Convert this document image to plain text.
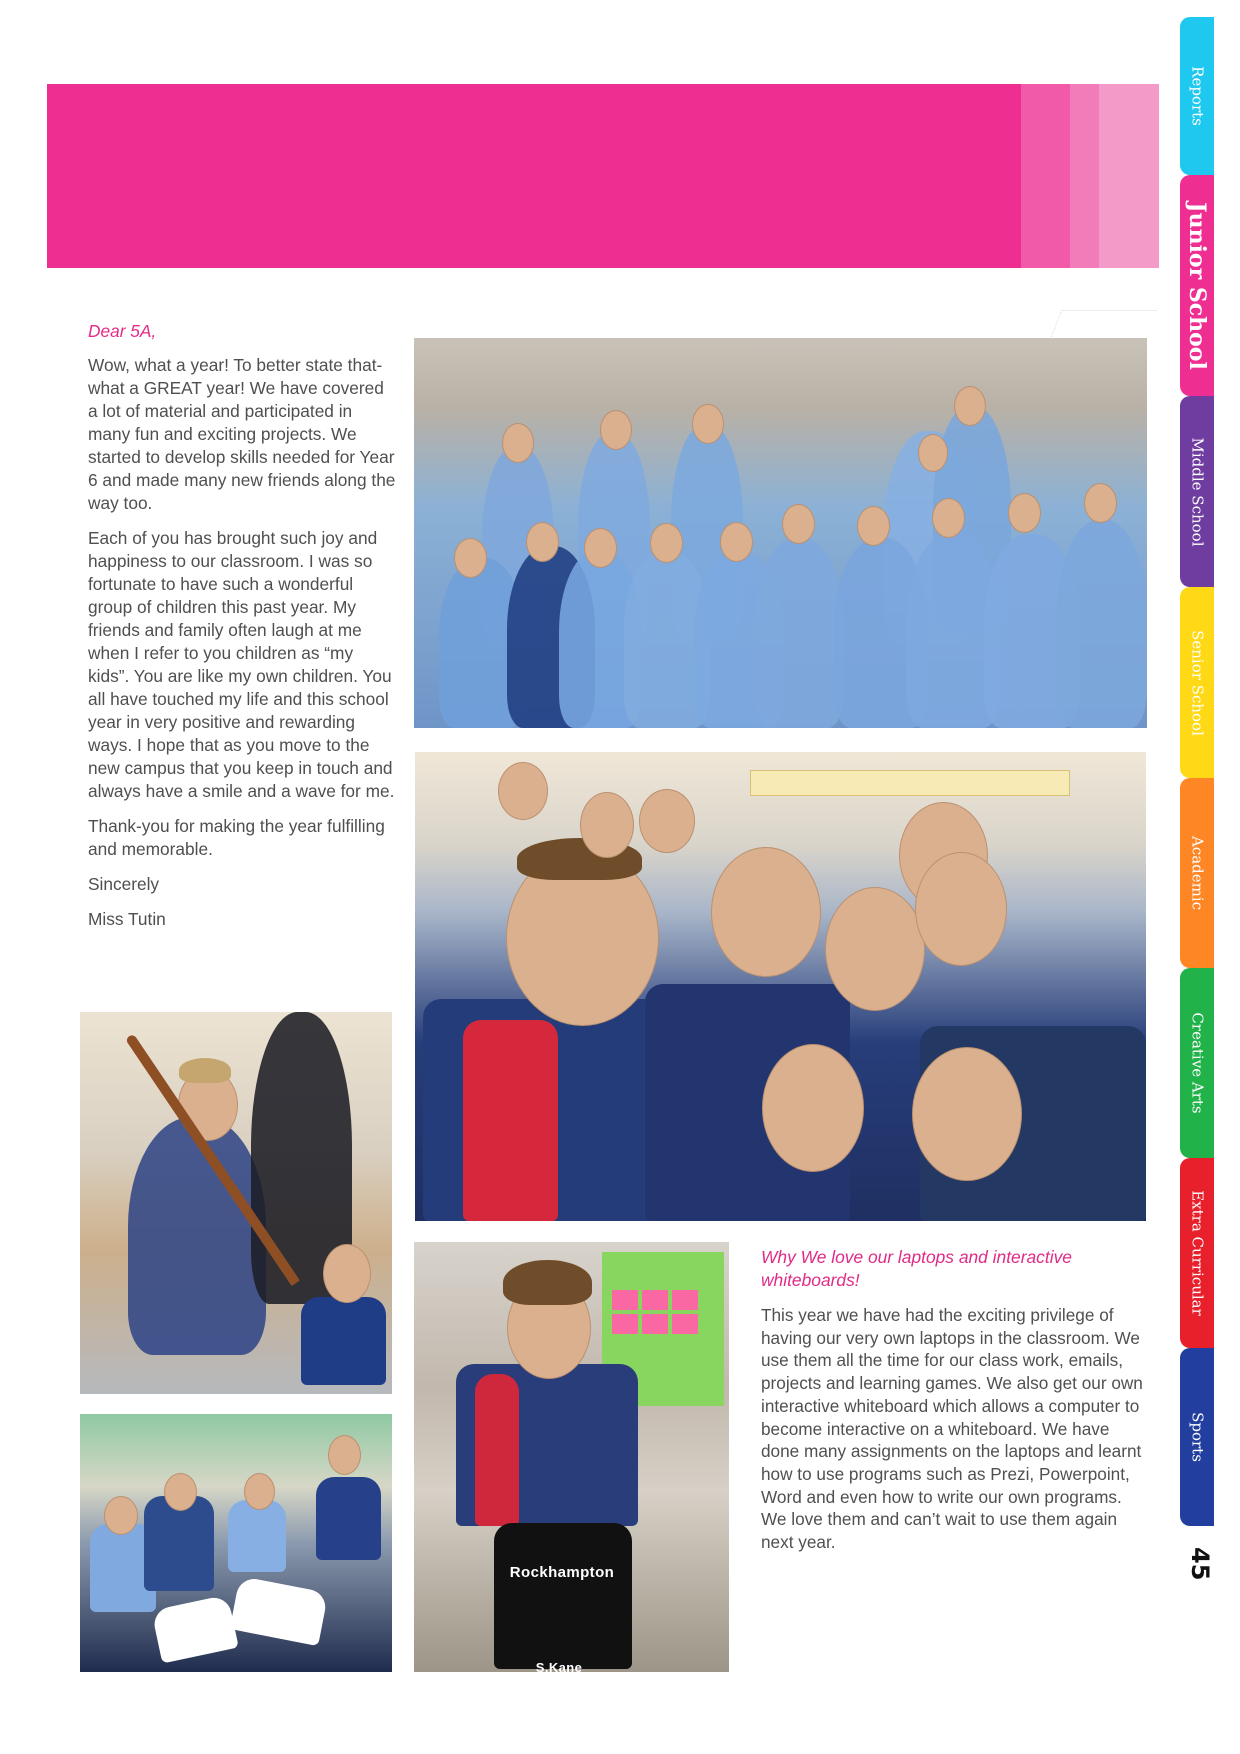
Dear 5A,

Wow, what a year! To better state that- what a GREAT year! We have covered a lot of material and participated in many fun and exciting projects. We started to develop skills needed for Year 6 and made many new friends along the way too.

Each of you has brought such joy and happiness to our classroom. I was so fortunate to have such a wonderful group of children this past year. My friends and family often laugh at me when I refer to you children as “my kids”. You are like my own children. You all have touched my life and this school year in very positive and rewarding ways. I hope that as you move to the new campus that you keep in touch and always have a smile and a wave for me.

Thank-you for making the year fulfilling and memorable.

Sincerely
Miss Tutin
Rockhampton
S.Kane
Why We love our laptops and interactive whiteboards!

This year we have had the exciting privilege of having our very own laptops in the classroom. We use them all the time for our class work, emails, projects and learning games. We also get our own interactive whiteboard which allows a computer to become interactive on a whiteboard. We have done many assignments on the laptops and learnt how to use programs such as Prezi, Powerpoint, Word and even how to write our own programs. We love them and can’t wait to use them again next year.

Reports
Junior School
Middle School
Senior School
Academic
Creative Arts
Extra Curricular
Sports
45
